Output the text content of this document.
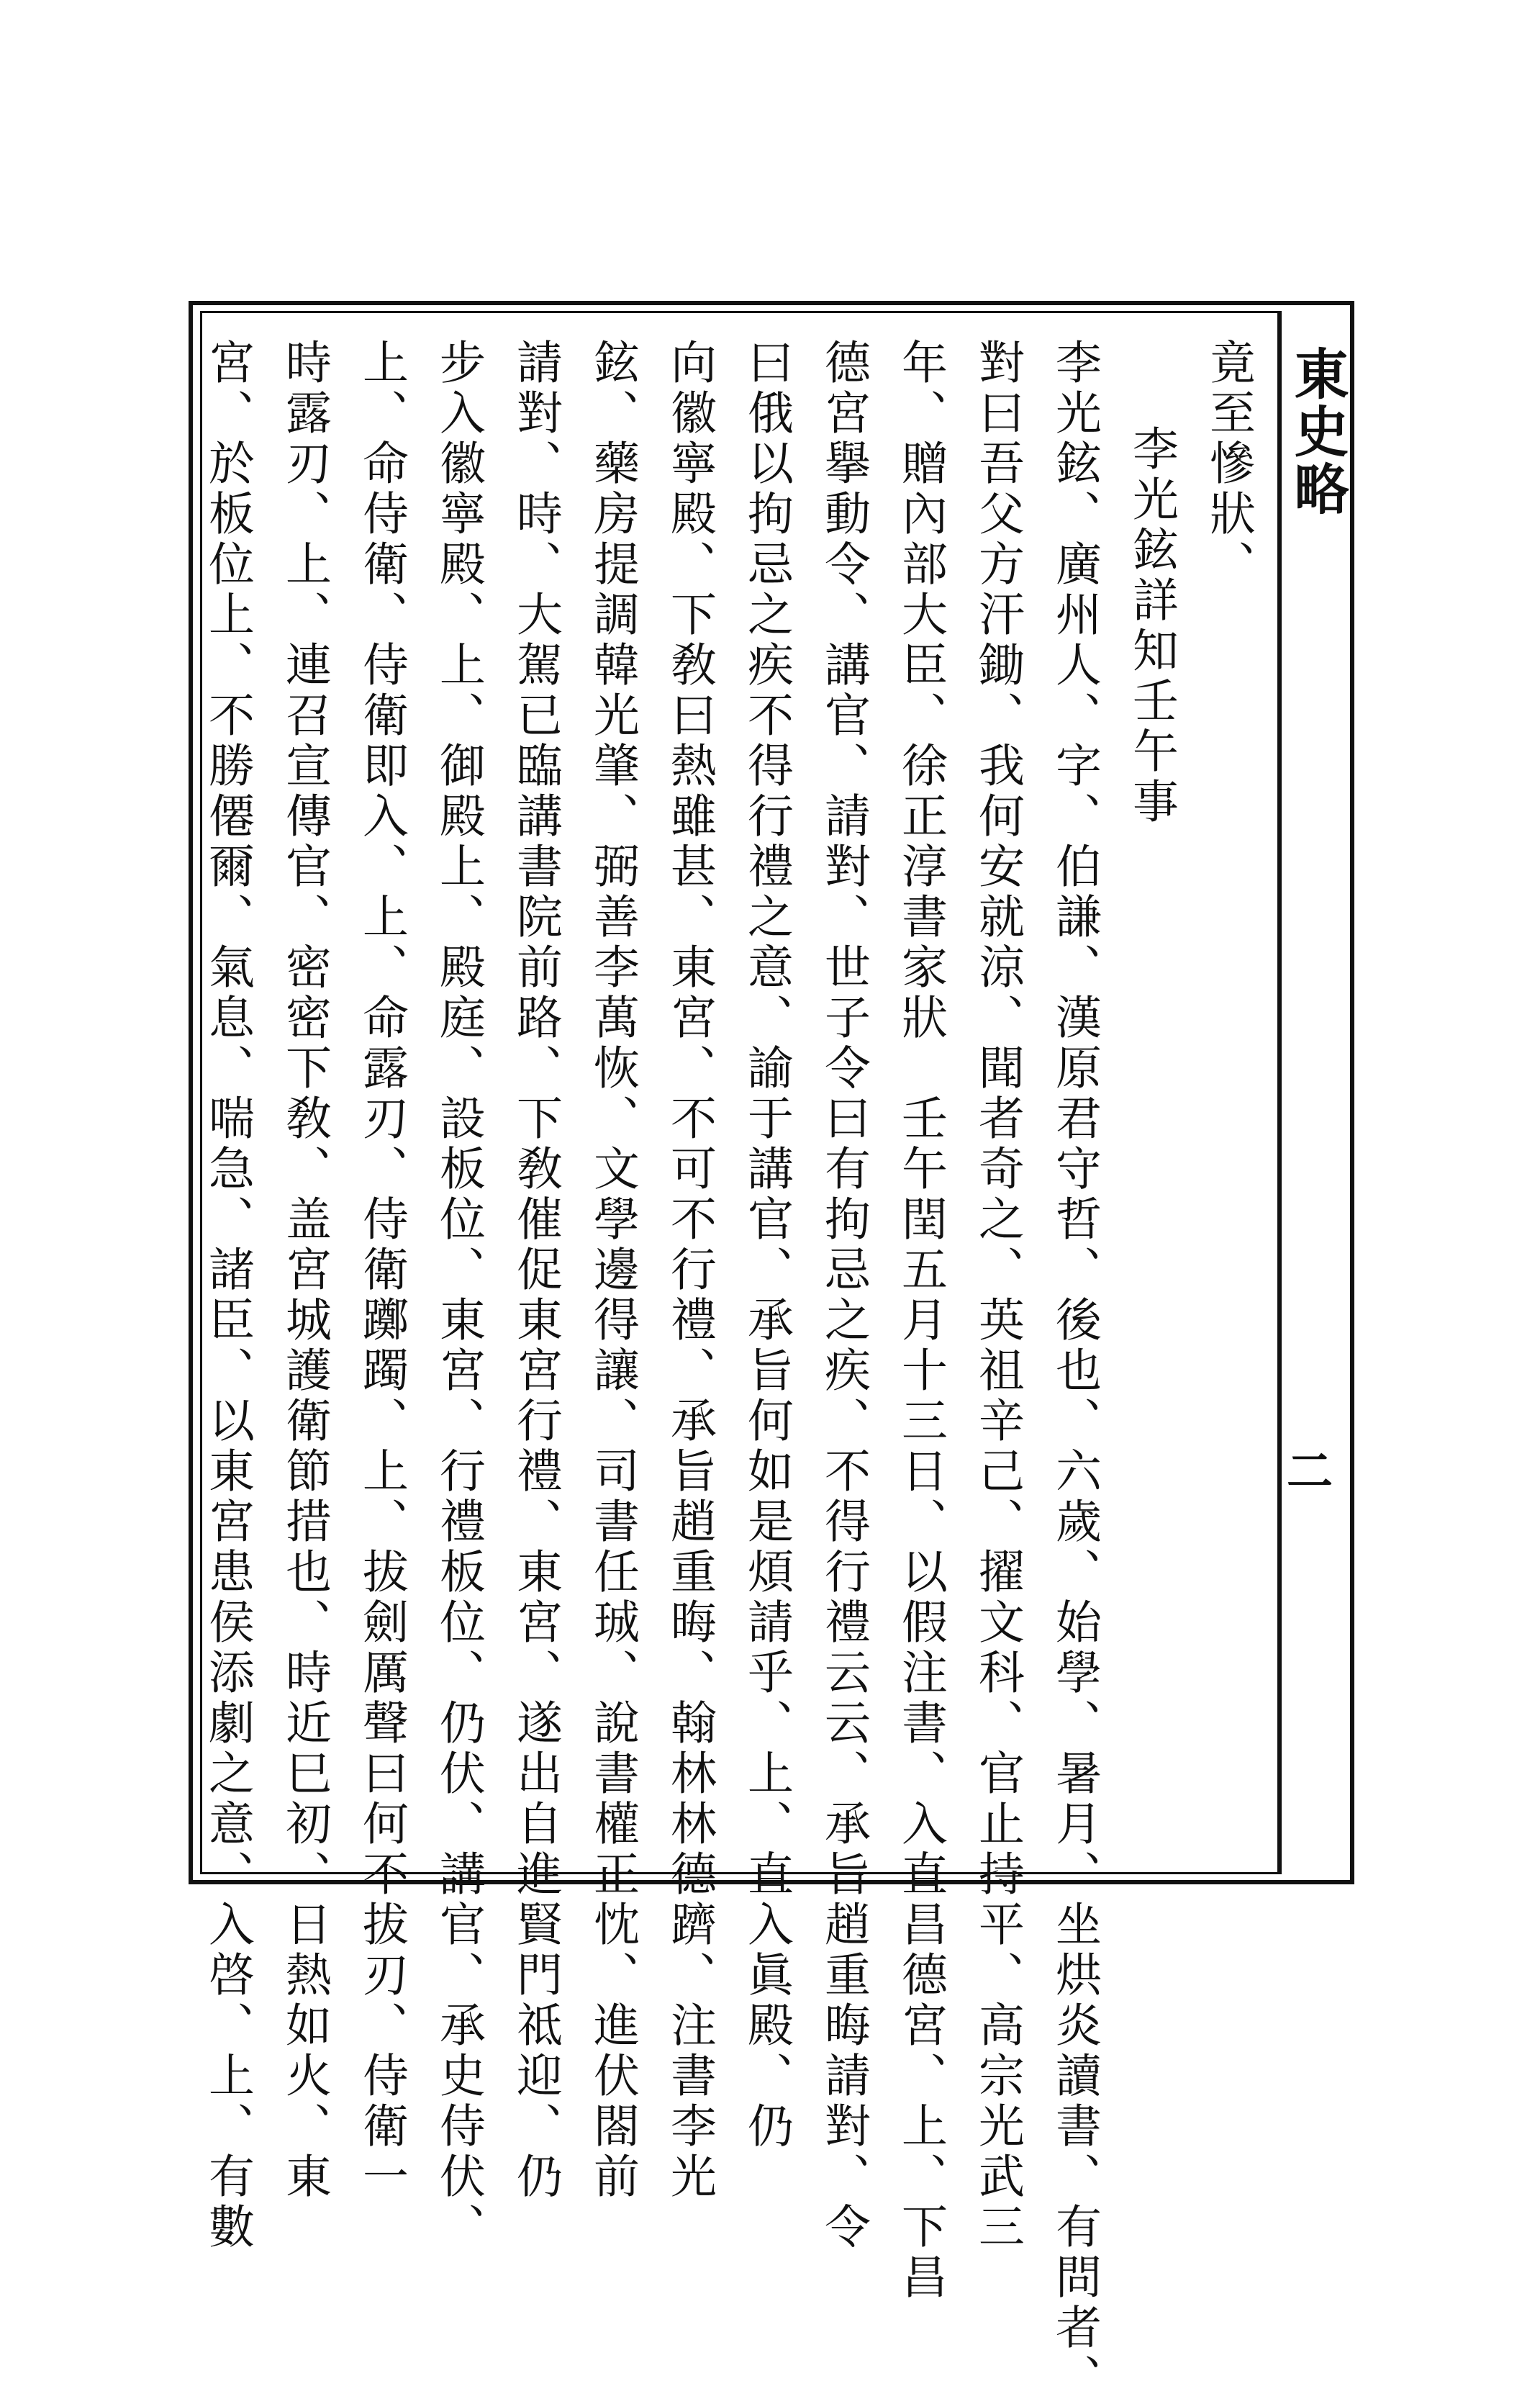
東史略
二
竟至慘狀、
李光鉉詳知壬午事
李光鉉、廣州人、字、伯謙、漢原君守哲、後也、六歲、始學、暑月、坐烘炎讀書、有問者、
對曰吾父方汗鋤、我何安就涼、聞者奇之、英祖辛己、擢文科、官止持平、高宗光武三
年、贈內部大臣、徐正淳書家狀　壬午閏五月十三日、以假注書、入直昌德宮、上、下昌
德宮擧動令、講官、請對、世子令曰有拘忌之疾、不得行禮云云、承旨趙重晦請對、令
曰俄以拘忌之疾不得行禮之意、諭于講官、承旨何如是煩請乎、上、直入眞殿、仍
向徽寧殿、下敎曰熱雖甚、東宮、不可不行禮、承旨趙重晦、翰林林德躋、注書李光
鉉、藥房提調韓光肇、弼善李萬恢、文學邊得讓、司書任珹、說書權正忱、進伏閤前
請對、時、大駕已臨講書院前路、下敎催促東宮行禮、東宮、遂出自進賢門祗迎、仍
步入徽寧殿、上、御殿上、殿庭、設板位、東宮、行禮板位、仍伏、講官、承史侍伏、
上、命侍衛、侍衛即入、上、命露刃、侍衛躑躅、上、拔劍厲聲曰何不拔刃、侍衛一
時露刃、上、連召宣傳官、密密下敎、盖宮城護衛節措也、時近巳初、日熱如火、東
宮、於板位上、不勝僊爾、氣息、喘急、諸臣、以東宮患侯添劇之意、入啓、上、有數
